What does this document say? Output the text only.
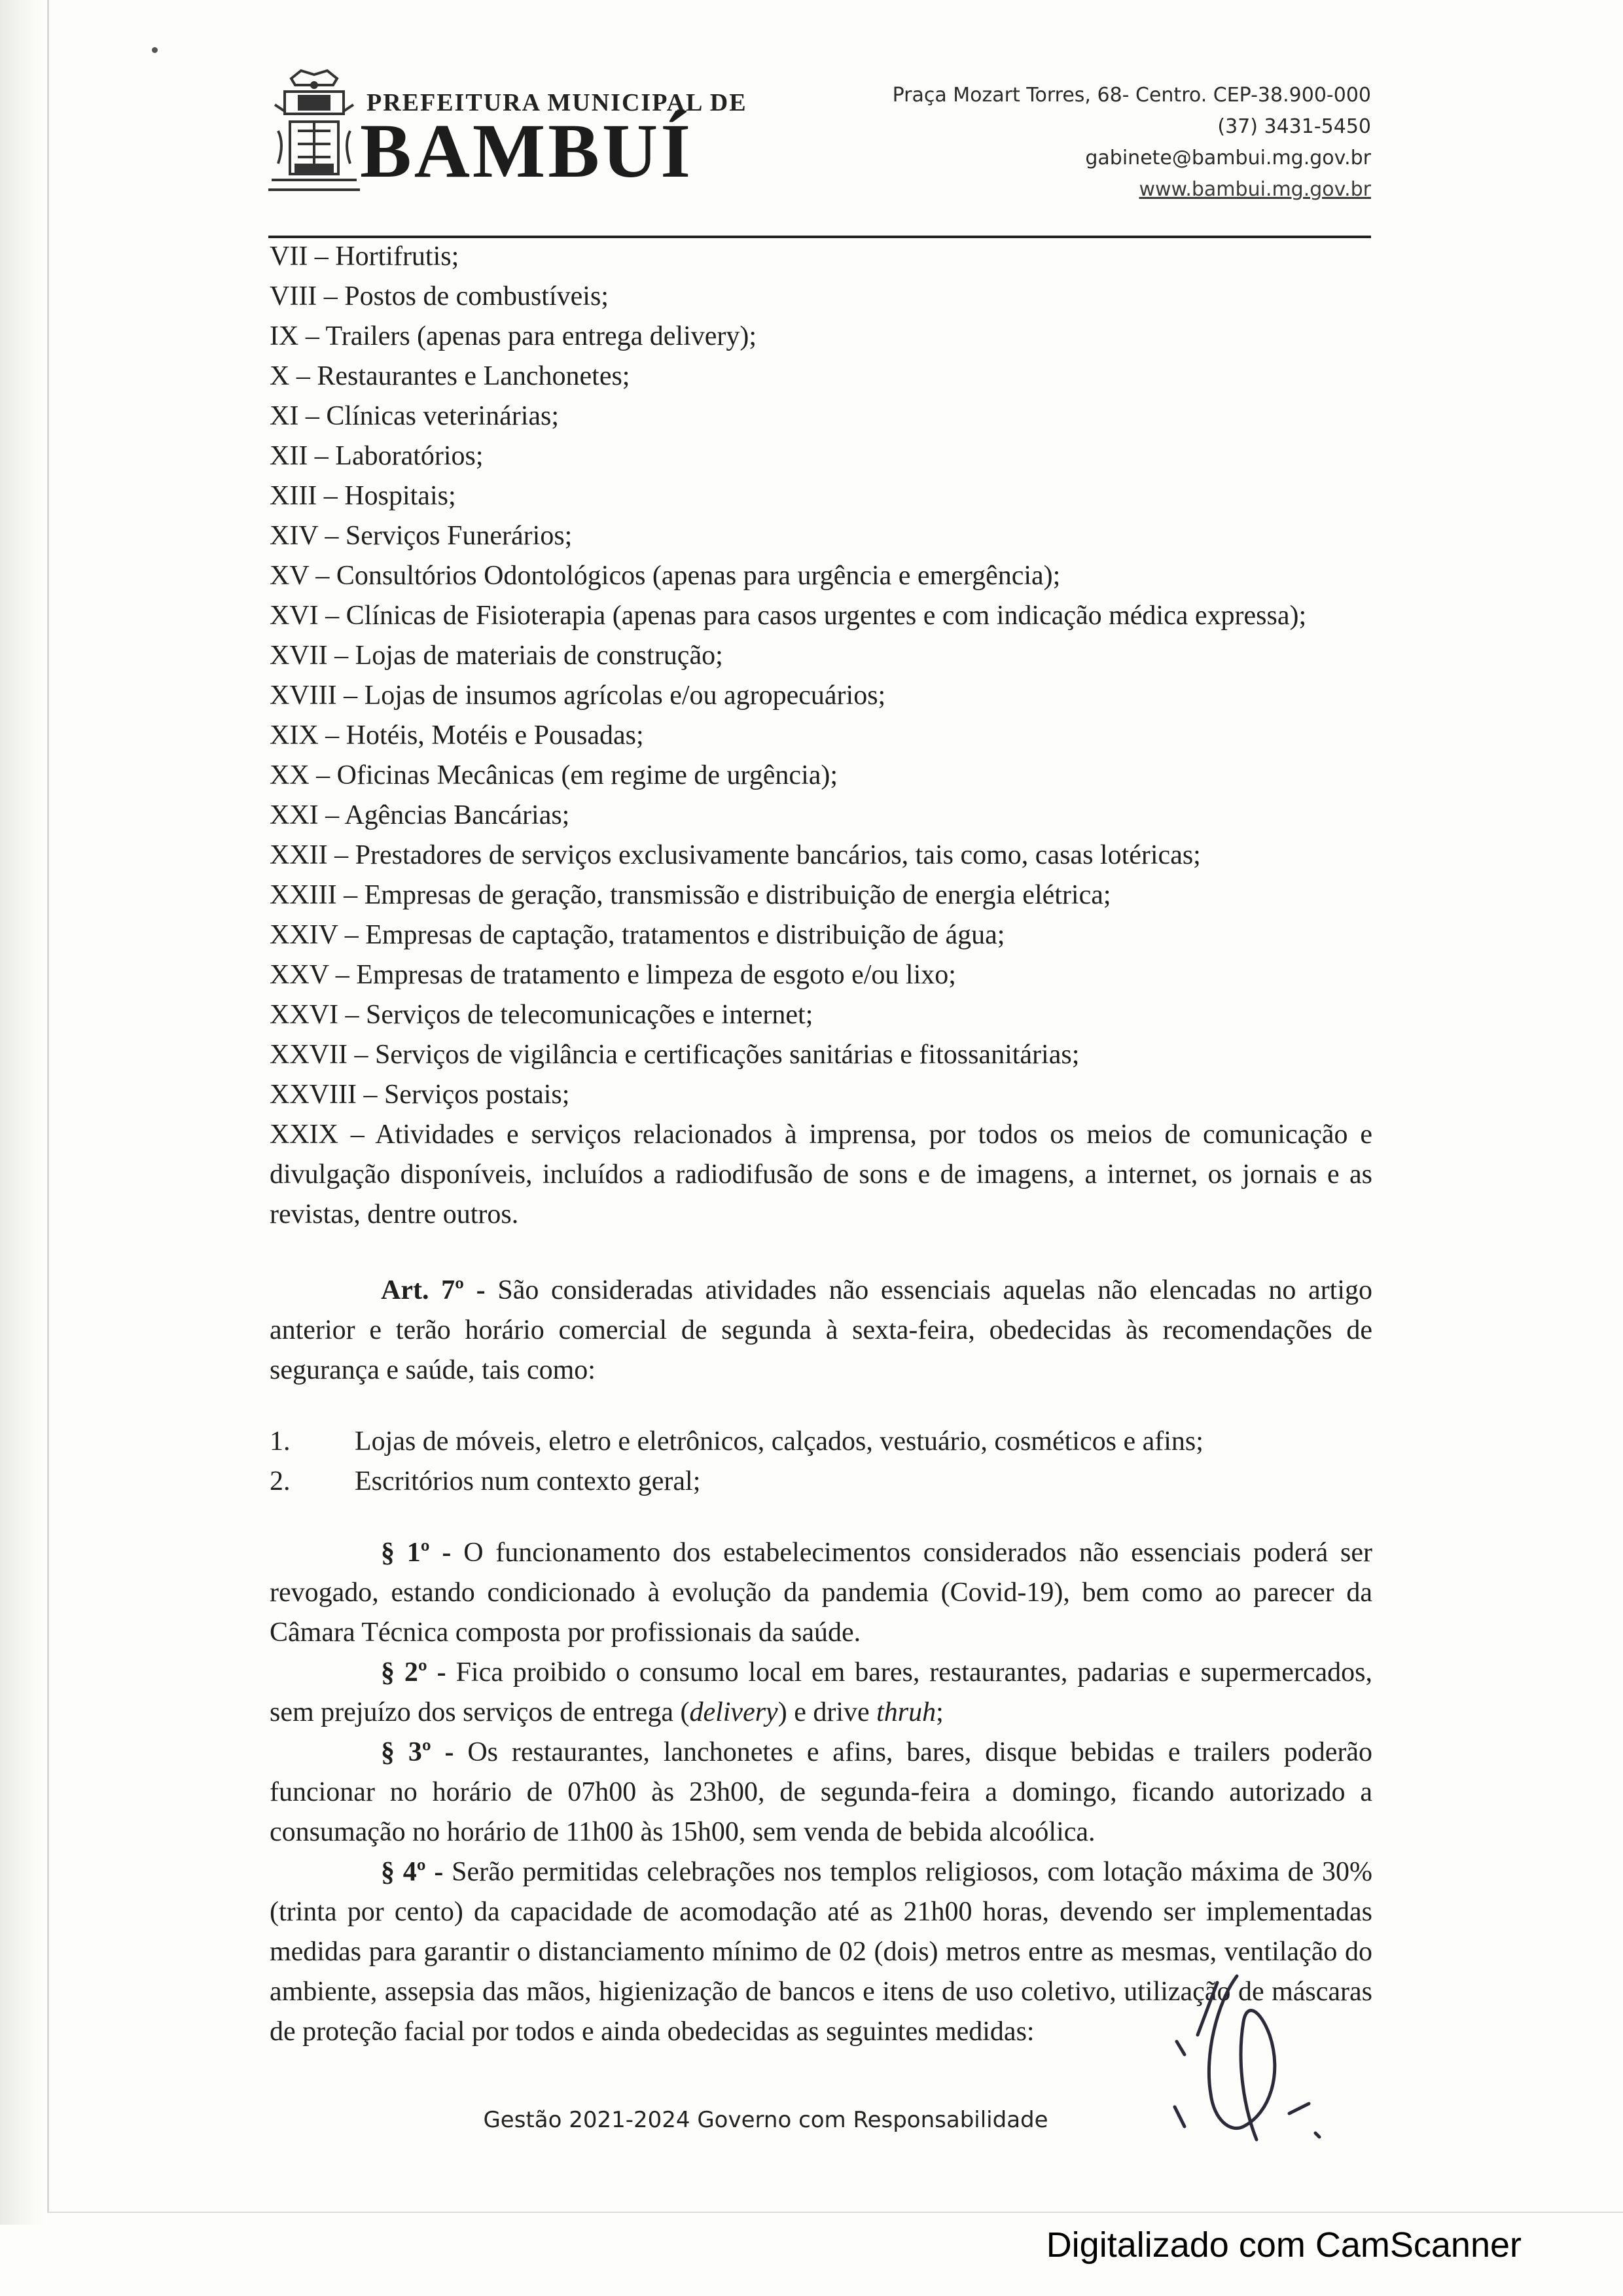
PREFEITURA MUNICIPAL DE
BAMBUÍ
Praça Mozart Torres, 68- Centro. CEP-38.900-000
(37) 3431-5450
gabinete@bambui.mg.gov.br
www.bambui.mg.gov.br
VII – Hortifrutis;
VIII – Postos de combustíveis;
IX – Trailers (apenas para entrega delivery);
X – Restaurantes e Lanchonetes;
XI – Clínicas veterinárias;
XII – Laboratórios;
XIII – Hospitais;
XIV – Serviços Funerários;
XV – Consultórios Odontológicos (apenas para urgência e emergência);
XVI – Clínicas de Fisioterapia (apenas para casos urgentes e com indicação médica expressa);
XVII – Lojas de materiais de construção;
XVIII – Lojas de insumos agrícolas e/ou agropecuários;
XIX – Hotéis, Motéis e Pousadas;
XX – Oficinas Mecânicas (em regime de urgência);
XXI – Agências Bancárias;
XXII – Prestadores de serviços exclusivamente bancários, tais como, casas lotéricas;
XXIII – Empresas de geração, transmissão e distribuição de energia elétrica;
XXIV – Empresas de captação, tratamentos e distribuição de água;
XXV – Empresas de tratamento e limpeza de esgoto e/ou lixo;
XXVI – Serviços de telecomunicações e internet;
XXVII – Serviços de vigilância e certificações sanitárias e fitossanitárias;
XXVIII – Serviços postais;
XXIX – Atividades e serviços relacionados à imprensa, por todos os meios de comunicação e divulgação disponíveis, incluídos a radiodifusão de sons e de imagens, a internet, os jornais e as revistas, dentre outros.

Art. 7º - São consideradas atividades não essenciais aquelas não elencadas no artigo anterior e terão horário comercial de segunda à sexta-feira, obedecidas às recomendações de segurança e saúde, tais como:

1.	Lojas de móveis, eletro e eletrônicos, calçados, vestuário, cosméticos e afins;
2.	Escritórios num contexto geral;

§ 1º - O funcionamento dos estabelecimentos considerados não essenciais poderá ser revogado, estando condicionado à evolução da pandemia (Covid-19), bem como ao parecer da Câmara Técnica composta por profissionais da saúde.

§ 2º - Fica proibido o consumo local em bares, restaurantes, padarias e supermercados, sem prejuízo dos serviços de entrega (delivery) e drive thruh;

§ 3º - Os restaurantes, lanchonetes e afins, bares, disque bebidas e trailers poderão funcionar no horário de 07h00 às 23h00, de segunda-feira a domingo, ficando autorizado a consumação no horário de 11h00 às 15h00, sem venda de bebida alcoólica.

§ 4º - Serão permitidas celebrações nos templos religiosos, com lotação máxima de 30% (trinta por cento) da capacidade de acomodação até as 21h00 horas, devendo ser implementadas medidas para garantir o distanciamento mínimo de 02 (dois) metros entre as mesmas, ventilação do ambiente, assepsia das mãos, higienização de bancos e itens de uso coletivo, utilização de máscaras de proteção facial por todos e ainda obedecidas as seguintes medidas:

Gestão 2021-2024 Governo com Responsabilidade
Digitalizado com CamScanner
